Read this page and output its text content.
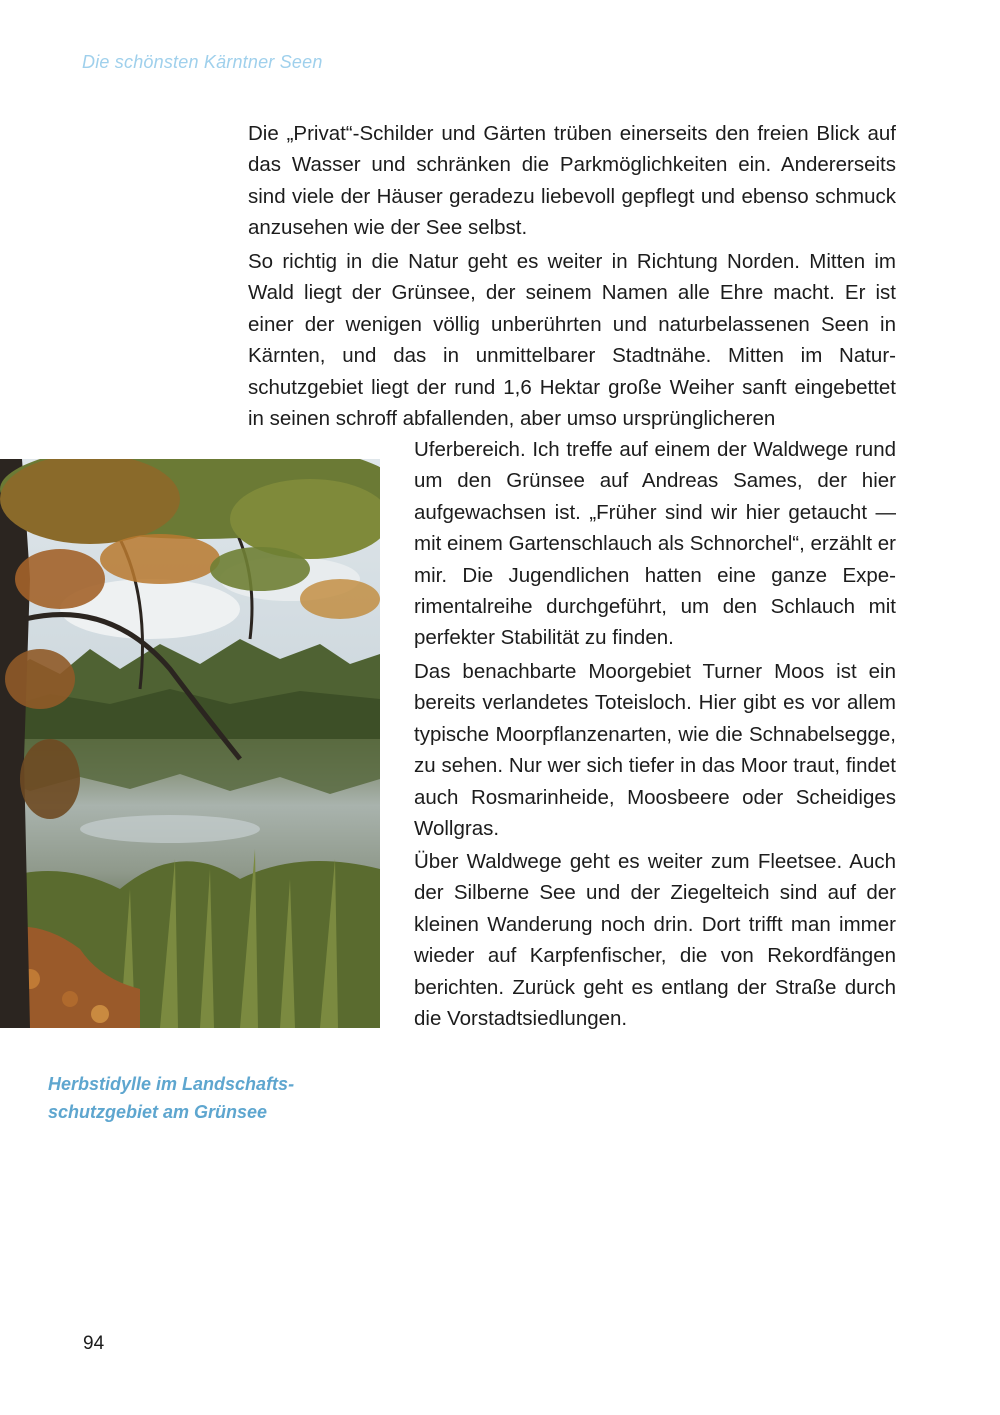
Die schönsten Kärntner Seen

Die „Privat“-Schilder und Gärten trüben einerseits den freien Blick auf das Wasser und schränken die Parkmöglichkeiten ein. Andererseits sind viele der Häuser geradezu liebevoll gepflegt und ebenso schmuck anzusehen wie der See selbst.

So richtig in die Natur geht es weiter in Richtung Norden. Mitten im Wald liegt der Grünsee, der seinem Namen alle Ehre macht. Er ist einer der wenigen völlig unberührten und naturbelassenen Seen in Kärnten, und das in unmittelbarer Stadtnähe. Mitten im Naturschutzgebiet liegt der rund 1,6 Hektar große Weiher sanft eingebettet in seinen schroff abfallenden, aber umso ursprünglicheren

Uferbereich. Ich treffe auf einem der Waldwege rund um den Grünsee auf Andreas Sames, der hier aufgewachsen ist. „Früher sind wir hier getaucht — mit einem Gartenschlauch als Schnorchel“, erzählt er mir. Die Jugendlichen hatten eine ganze Experimentalreihe durchgeführt, um den Schlauch mit perfekter Stabilität zu finden.

Das benachbarte Moorgebiet Turner Moos ist ein bereits verlandetes Toteisloch. Hier gibt es vor allem typische Moorpflanzenarten, wie die Schnabelsegge, zu sehen. Nur wer sich tiefer in das Moor traut, findet auch Rosmarinheide, Moosbeere oder Scheidiges Wollgras.

Über Waldwege geht es weiter zum Fleetsee. Auch der Silberne See und der Ziegelteich sind auf der kleinen Wanderung noch drin. Dort trifft man immer wieder auf Karpfenfischer, die von Rekordfängen berichten. Zurück geht es entlang der Straße durch die Vorstadtsiedlungen.

Herbstidylle im Landschaftsschutzgebiet am Grünsee
94
